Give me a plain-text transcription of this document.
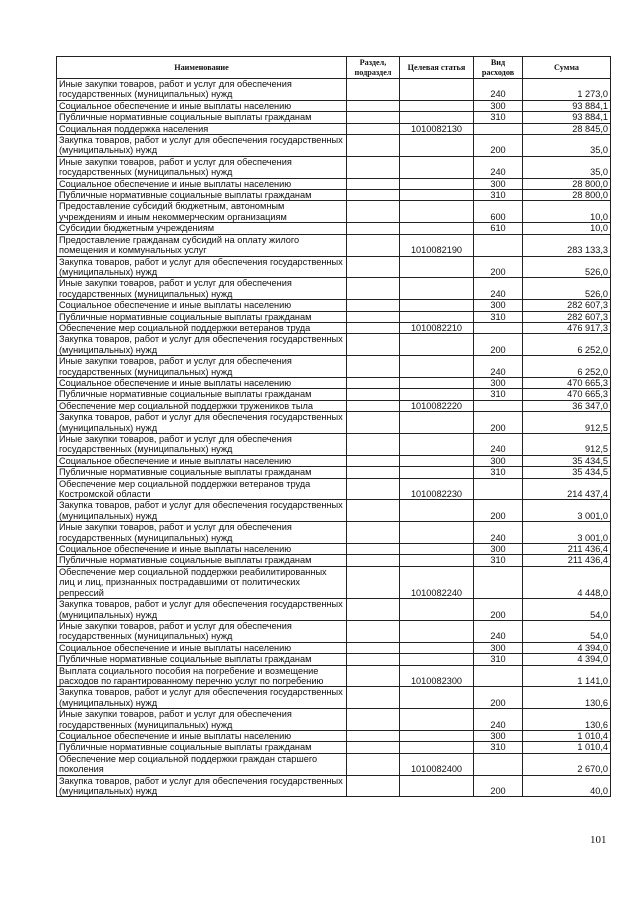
Наименование	Раздел, подраздел	Целевая статья	Вид расходов	Сумма
Иные закупки товаров, работ и услуг для обеспечения государственных (муниципальных) нужд			240	1 273,0
Социальное обеспечение и иные выплаты населению			300	93 884,1
Публичные нормативные социальные выплаты гражданам			310	93 884,1
Социальная поддержка населения		1010082130		28 845,0
Закупка товаров, работ и услуг для обеспечения государственных (муниципальных) нужд			200	35,0
Иные закупки товаров, работ и услуг для обеспечения государственных (муниципальных) нужд			240	35,0
Социальное обеспечение и иные выплаты населению			300	28 800,0
Публичные нормативные социальные выплаты гражданам			310	28 800,0
Предоставление субсидий бюджетным, автономным учреждениям и иным некоммерческим организациям			600	10,0
Субсидии бюджетным учреждениям			610	10,0
Предоставление гражданам субсидий на оплату жилого помещения и коммунальных услуг		1010082190		283 133,3
Закупка товаров, работ и услуг для обеспечения государственных (муниципальных) нужд			200	526,0
Иные закупки товаров, работ и услуг для обеспечения государственных (муниципальных) нужд			240	526,0
Социальное обеспечение и иные выплаты населению			300	282 607,3
Публичные нормативные социальные выплаты гражданам			310	282 607,3
Обеспечение мер социальной поддержки ветеранов труда		1010082210		476 917,3
Закупка товаров, работ и услуг для обеспечения государственных (муниципальных) нужд			200	6 252,0
Иные закупки товаров, работ и услуг для обеспечения государственных (муниципальных) нужд			240	6 252,0
Социальное обеспечение и иные выплаты населению			300	470 665,3
Публичные нормативные социальные выплаты гражданам			310	470 665,3
Обеспечение мер социальной поддержки тружеников тыла		1010082220		36 347,0
Закупка товаров, работ и услуг для обеспечения государственных (муниципальных) нужд			200	912,5
Иные закупки товаров, работ и услуг для обеспечения государственных (муниципальных) нужд			240	912,5
Социальное обеспечение и иные выплаты населению			300	35 434,5
Публичные нормативные социальные выплаты гражданам			310	35 434,5
Обеспечение мер социальной поддержки ветеранов труда Костромской области		1010082230		214 437,4
Закупка товаров, работ и услуг для обеспечения государственных (муниципальных) нужд			200	3 001,0
Иные закупки товаров, работ и услуг для обеспечения государственных (муниципальных) нужд			240	3 001,0
Социальное обеспечение и иные выплаты населению			300	211 436,4
Публичные нормативные социальные выплаты гражданам			310	211 436,4
Обеспечение мер социальной поддержки реабилитированных лиц и лиц, признанных пострадавшими от политических репрессий		1010082240		4 448,0
Закупка товаров, работ и услуг для обеспечения государственных (муниципальных) нужд			200	54,0
Иные закупки товаров, работ и услуг для обеспечения государственных (муниципальных) нужд			240	54,0
Социальное обеспечение и иные выплаты населению			300	4 394,0
Публичные нормативные социальные выплаты гражданам			310	4 394,0
Выплата социального пособия на погребение и возмещение расходов по гарантированному перечню услуг по погребению		1010082300		1 141,0
Закупка товаров, работ и услуг для обеспечения государственных (муниципальных) нужд			200	130,6
Иные закупки товаров, работ и услуг для обеспечения государственных (муниципальных) нужд			240	130,6
Социальное обеспечение и иные выплаты населению			300	1 010,4
Публичные нормативные социальные выплаты гражданам			310	1 010,4
Обеспечение мер социальной поддержки граждан старшего поколения		1010082400		2 670,0
Закупка товаров, работ и услуг для обеспечения государственных (муниципальных) нужд			200	40,0
101
